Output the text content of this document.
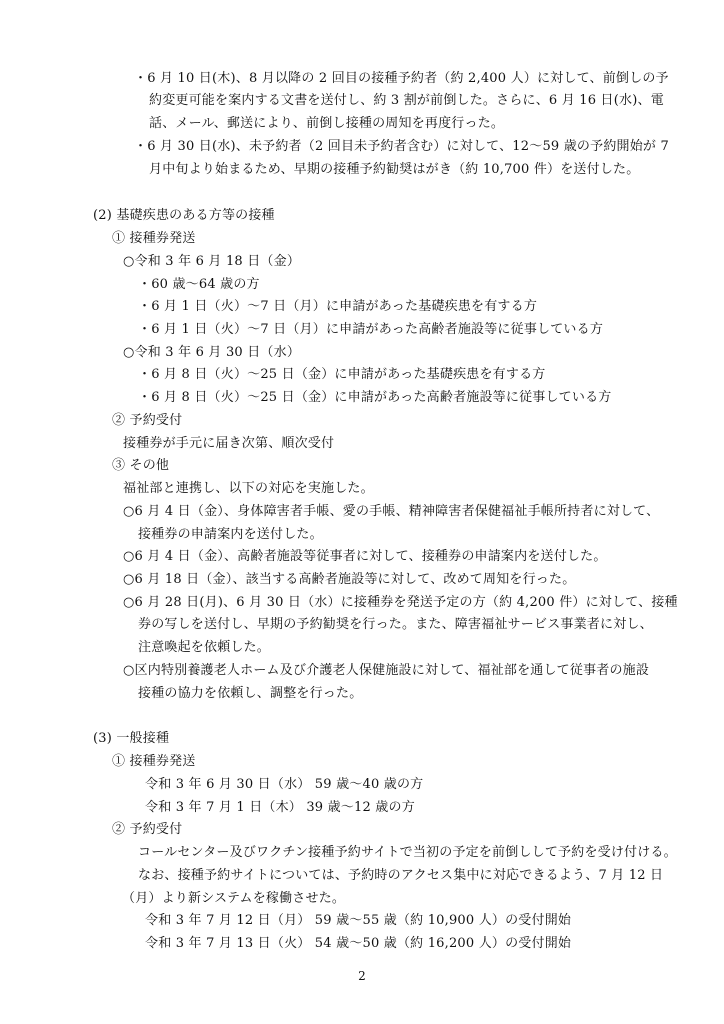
・6 月 10 日(木)、8 月以降の 2 回目の接種予約者（約 2,400 人）に対して、前倒しの予
約変更可能を案内する文書を送付し、約 3 割が前倒した。さらに、6 月 16 日(水)、電
話、メール、郵送により、前倒し接種の周知を再度行った。
・6 月 30 日(水)、未予約者（2 回目未予約者含む）に対して、12～59 歳の予約開始が 7
月中旬より始まるため、早期の接種予約勧奨はがき（約 10,700 件）を送付した。
(2) 基礎疾患のある方等の接種
① 接種券発送
○令和 3 年 6 月 18 日（金）
・60 歳～64 歳の方
・6 月 1 日（火）～7 日（月）に申請があった基礎疾患を有する方
・6 月 1 日（火）～7 日（月）に申請があった高齢者施設等に従事している方
○令和 3 年 6 月 30 日（水）
・6 月 8 日（火）～25 日（金）に申請があった基礎疾患を有する方
・6 月 8 日（火）～25 日（金）に申請があった高齢者施設等に従事している方
② 予約受付
接種券が手元に届き次第、順次受付
③ その他
福祉部と連携し、以下の対応を実施した。
○6 月 4 日（金）、身体障害者手帳、愛の手帳、精神障害者保健福祉手帳所持者に対して、
接種券の申請案内を送付した。
○6 月 4 日（金）、高齢者施設等従事者に対して、接種券の申請案内を送付した。
○6 月 18 日（金）、該当する高齢者施設等に対して、改めて周知を行った。
○6 月 28 日(月)、6 月 30 日（水）に接種券を発送予定の方（約 4,200 件）に対して、接種
券の写しを送付し、早期の予約勧奨を行った。また、障害福祉サービス事業者に対し、
注意喚起を依頼した。
○区内特別養護老人ホーム及び介護老人保健施設に対して、福祉部を通して従事者の施設
接種の協力を依頼し、調整を行った。
(3) 一般接種
① 接種券発送
令和 3 年 6 月 30 日（水） 59 歳～40 歳の方
令和 3 年 7 月 1 日（木） 39 歳～12 歳の方
② 予約受付
コールセンター及びワクチン接種予約サイトで当初の予定を前倒しして予約を受け付ける。
なお、接種予約サイトについては、予約時のアクセス集中に対応できるよう、7 月 12 日
（月）より新システムを稼働させた。
令和 3 年 7 月 12 日（月） 59 歳～55 歳（約 10,900 人）の受付開始
令和 3 年 7 月 13 日（火） 54 歳～50 歳（約 16,200 人）の受付開始
2
